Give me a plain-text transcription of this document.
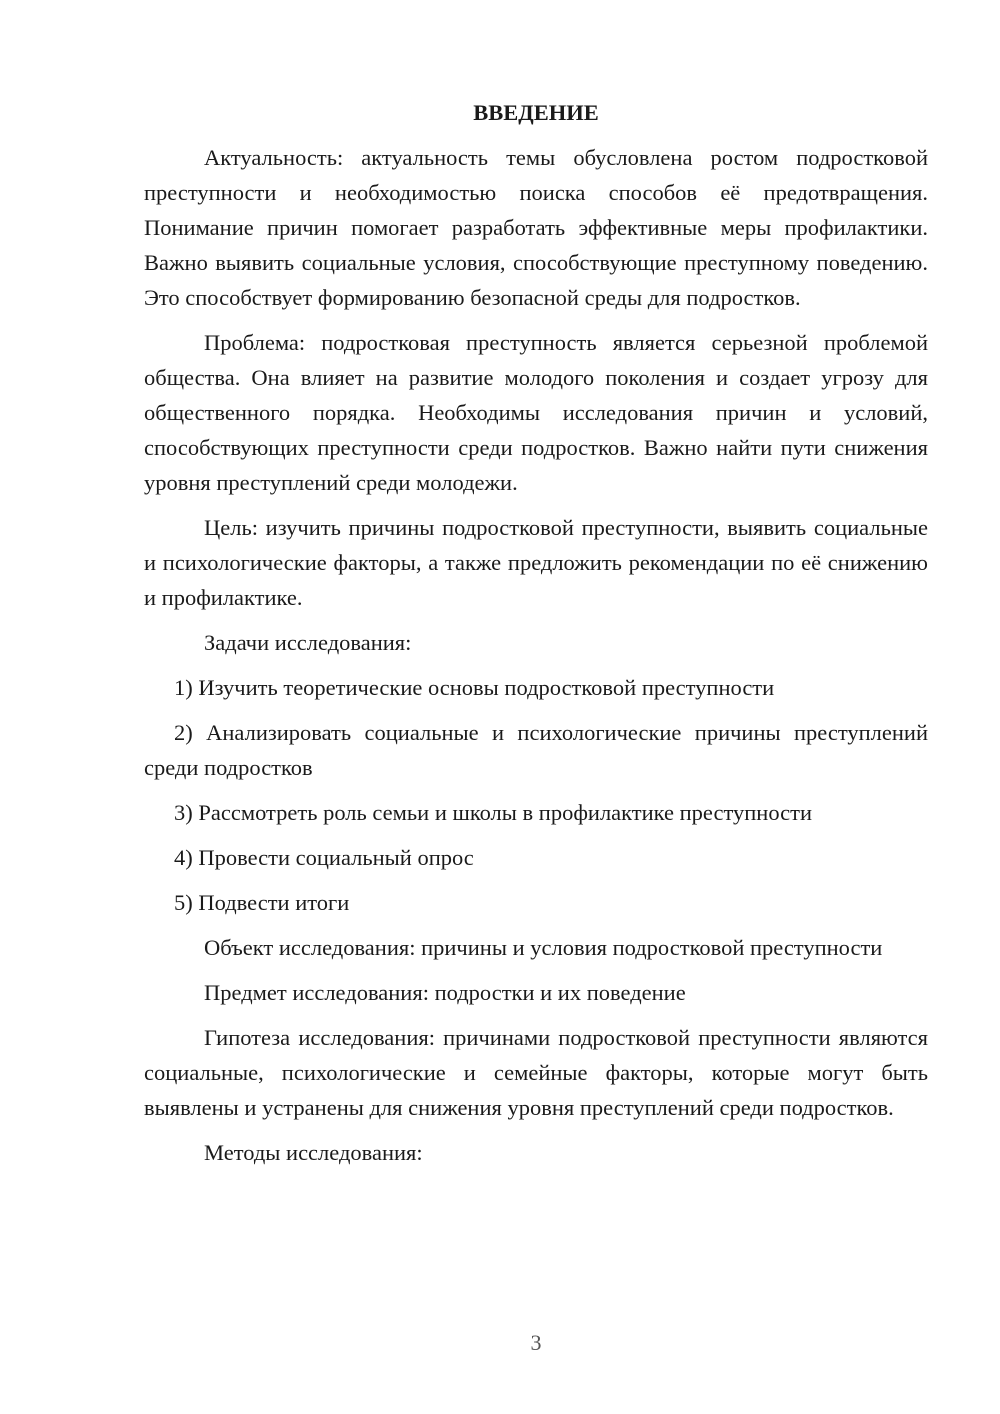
ВВЕДЕНИЕ

Актуальность: актуальность темы обусловлена ростом подростковой преступности и необходимостью поиска способов её предотвращения. Понимание причин помогает разработать эффективные меры профилактики. Важно выявить социальные условия, способствующие преступному поведению. Это способствует формированию безопасной среды для подростков.

Проблема: подростковая преступность является серьезной проблемой общества. Она влияет на развитие молодого поколения и создает угрозу для общественного порядка. Необходимы исследования причин и условий, способствующих преступности среди подростков. Важно найти пути снижения уровня преступлений среди молодежи.

Цель: изучить причины подростковой преступности, выявить социальные и психологические факторы, а также предложить рекомендации по её снижению и профилактике.

Задачи исследования:

1) Изучить теоретические основы подростковой преступности

2) Анализировать социальные и психологические причины преступлений среди подростков

3) Рассмотреть роль семьи и школы в профилактике преступности

4) Провести социальный опрос

5) Подвести итоги

Объект исследования: причины и условия подростковой преступности

Предмет исследования: подростки и их поведение

Гипотеза исследования: причинами подростковой преступности являются социальные, психологические и семейные факторы, которые могут быть выявлены и устранены для снижения уровня преступлений среди подростков.

Методы исследования:

3
